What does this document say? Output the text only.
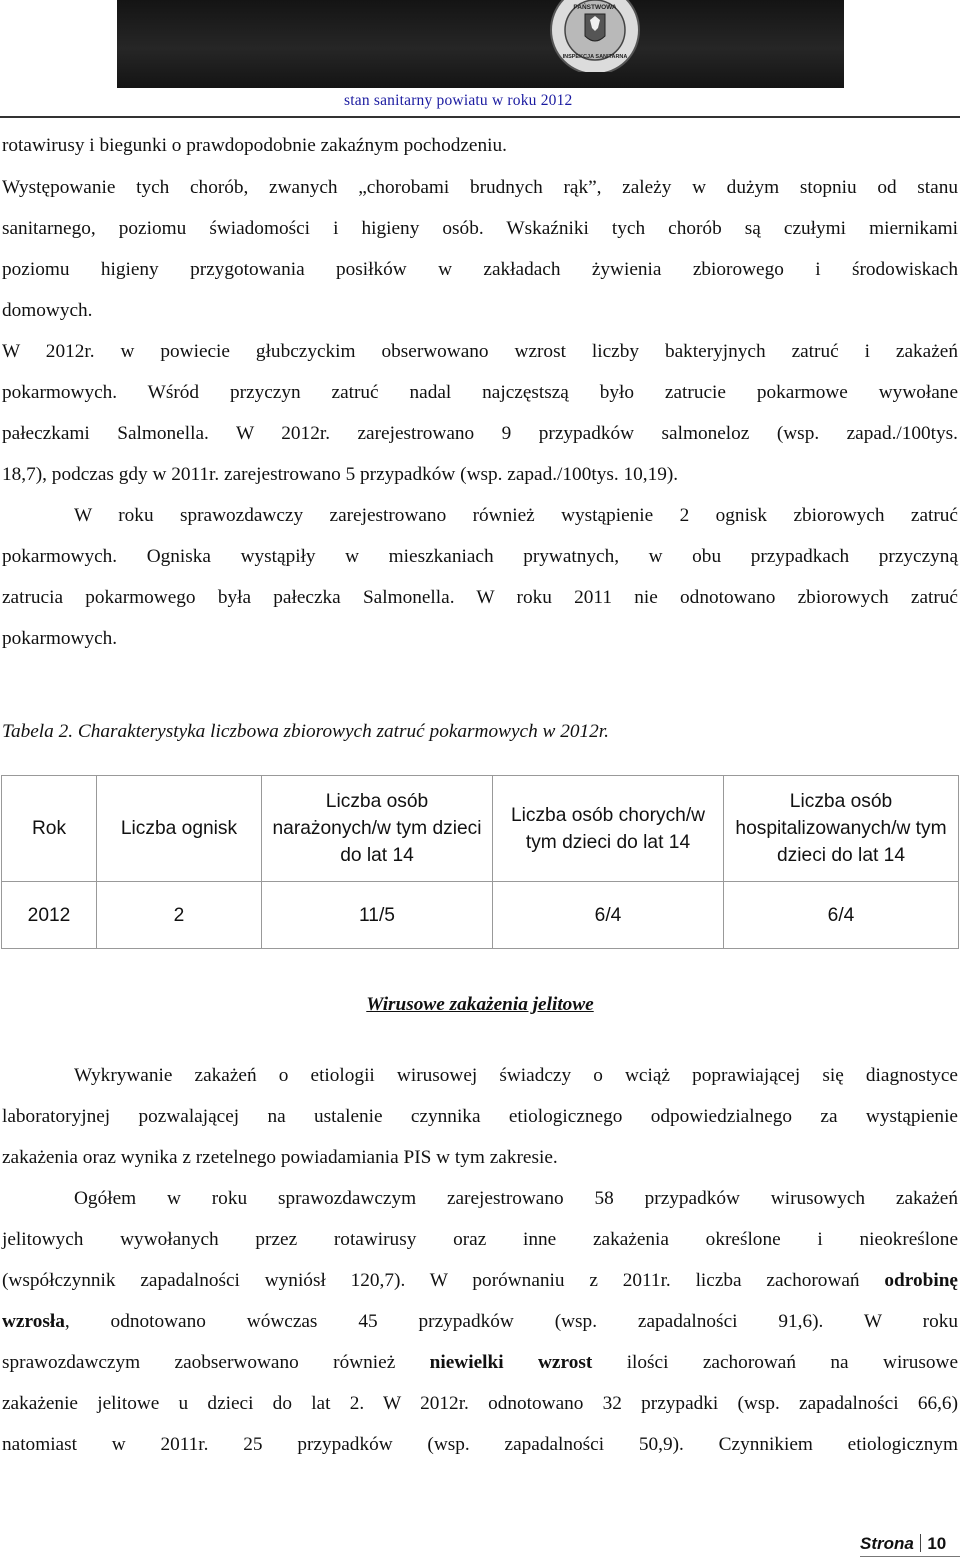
PAŃSTWOWA
INSPEKCJA SANITARNA
stan sanitarny powiatu w roku 2012
rotawirusy i biegunki o prawdopodobnie zakaźnym pochodzeniu.
Występowanie tych chorób, zwanych „chorobami brudnych rąk”, zależy w dużym stopniu od stanu
sanitarnego, poziomu świadomości i higieny osób. Wskaźniki tych chorób są czułymi miernikami
poziomu higieny przygotowania posiłków w zakładach żywienia zbiorowego i środowiskach
domowych.
W 2012r. w powiecie głubczyckim obserwowano wzrost liczby bakteryjnych zatruć i zakażeń
pokarmowych. Wśród przyczyn zatruć nadal najczęstszą było zatrucie pokarmowe wywołane
pałeczkami Salmonella. W 2012r. zarejestrowano 9 przypadków salmoneloz (wsp. zapad./100tys.
18,7), podczas gdy w 2011r. zarejestrowano 5 przypadków (wsp. zapad./100tys. 10,19).
W roku sprawozdawczy zarejestrowano również wystąpienie 2 ognisk zbiorowych zatruć
pokarmowych. Ogniska wystąpiły w mieszkaniach prywatnych, w obu przypadkach przyczyną
zatrucia pokarmowego była pałeczka Salmonella. W roku 2011 nie odnotowano zbiorowych zatruć
pokarmowych.
Tabela 2. Charakterystyka liczbowa zbiorowych zatruć pokarmowych w 2012r.
Rok	Liczba ognisk	Liczba osób narażonych/w tym dzieci do lat 14	Liczba osób chorych/w tym dzieci do lat 14	Liczba osób hospitalizowanych/w tym dzieci do lat 14
2012	2	11/5	6/4	6/4
Wirusowe zakażenia jelitowe
Wykrywanie zakażeń o etiologii wirusowej świadczy o wciąż poprawiającej się diagnostyce
laboratoryjnej pozwalającej na ustalenie czynnika etiologicznego odpowiedzialnego za wystąpienie
zakażenia oraz wynika z rzetelnego powiadamiania PIS w tym zakresie.
Ogółem w roku sprawozdawczym zarejestrowano 58 przypadków wirusowych zakażeń
jelitowych wywołanych przez rotawirusy oraz inne zakażenia określone i nieokreślone
(współczynnik zapadalności wyniósł 120,7). W porównaniu z 2011r. liczba zachorowań odrobinę
wzrosła, odnotowano wówczas 45 przypadków (wsp. zapadalności 91,6). W roku
sprawozdawczym zaobserwowano również niewielki wzrost ilości zachorowań na wirusowe
zakażenie jelitowe u dzieci do lat 2. W 2012r. odnotowano 32 przypadki (wsp. zapadalności 66,6)
natomiast w 2011r. 25 przypadków (wsp. zapadalności 50,9). Czynnikiem etiologicznym
Strona 10
